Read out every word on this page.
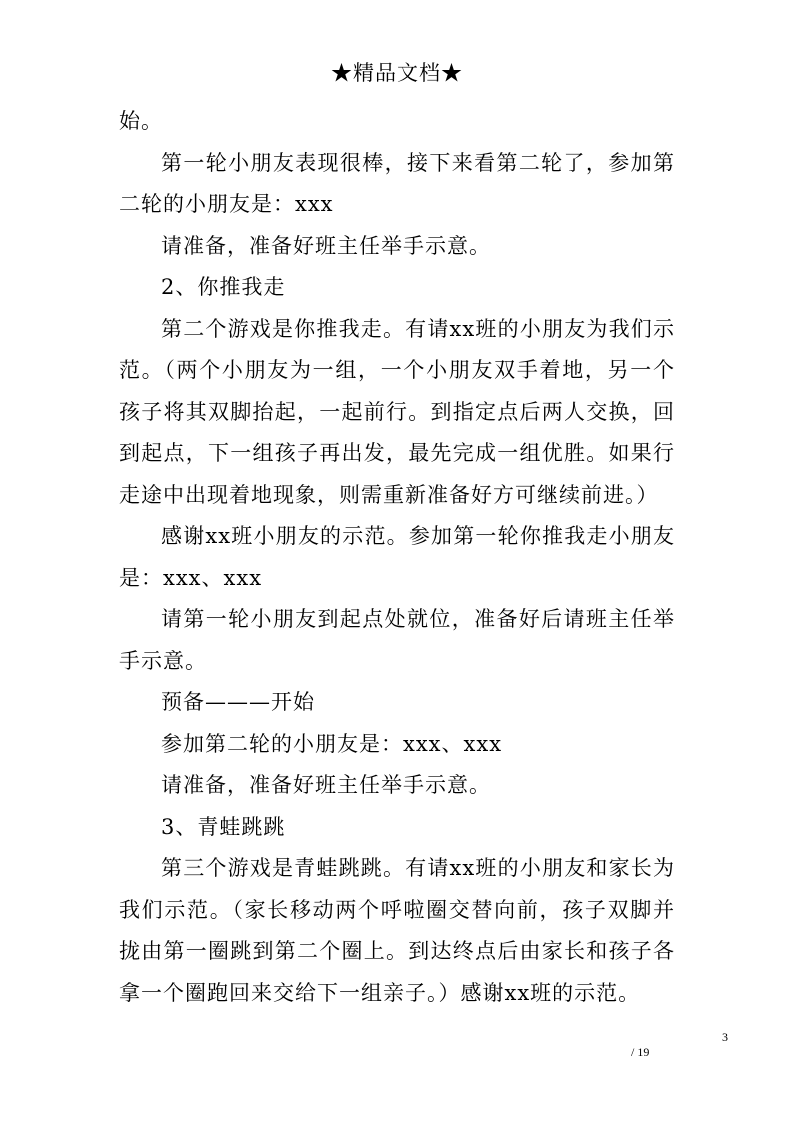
★精品文档★

始。

第一轮小朋友表现很棒，接下来看第二轮了，参加第二轮的小朋友是：xxx

请准备，准备好班主任举手示意。

2、你推我走

第二个游戏是你推我走。有请xx班的小朋友为我们示范。（两个小朋友为一组，一个小朋友双手着地，另一个孩子将其双脚抬起，一起前行。到指定点后两人交换，回到起点，下一组孩子再出发，最先完成一组优胜。如果行走途中出现着地现象，则需重新准备好方可继续前进。）

感谢xx班小朋友的示范。参加第一轮你推我走小朋友是：xxx、xxx

请第一轮小朋友到起点处就位，准备好后请班主任举手示意。

预备———开始

参加第二轮的小朋友是：xxx、xxx

请准备，准备好班主任举手示意。

3、青蛙跳跳

第三个游戏是青蛙跳跳。有请xx班的小朋友和家长为我们示范。（家长移动两个呼啦圈交替向前，孩子双脚并拢由第一圈跳到第二个圈上。到达终点后由家长和孩子各拿一个圈跑回来交给下一组亲子。）感谢xx班的示范。

3
/ 19
